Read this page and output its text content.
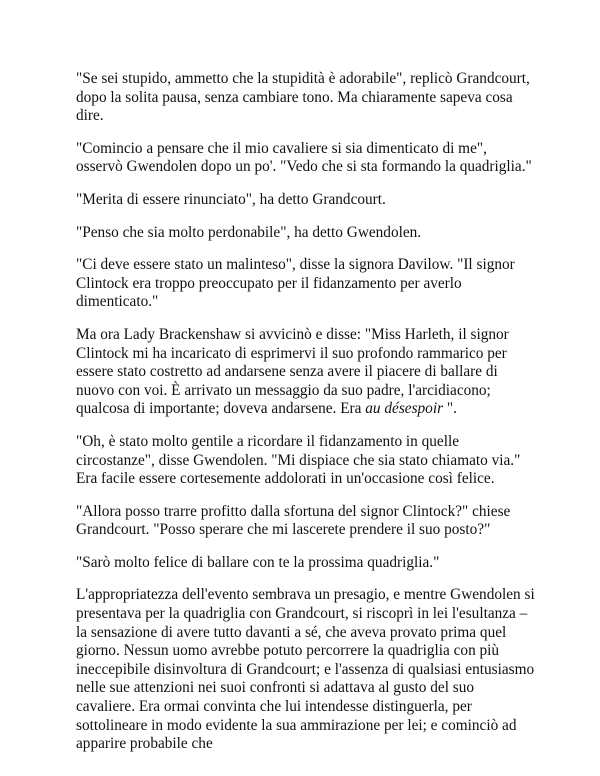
"Se sei stupido, ammetto che la stupidità è adorabile", replicò Grandcourt, dopo la solita pausa, senza cambiare tono. Ma chiaramente sapeva cosa dire.

"Comincio a pensare che il mio cavaliere si sia dimenticato di me", osservò Gwendolen dopo un po'. "Vedo che si sta formando la quadriglia."

"Merita di essere rinunciato", ha detto Grandcourt.

"Penso che sia molto perdonabile", ha detto Gwendolen.

"Ci deve essere stato un malinteso", disse la signora Davilow. "Il signor Clintock era troppo preoccupato per il fidanzamento per averlo dimenticato."

Ma ora Lady Brackenshaw si avvicinò e disse: "Miss Harleth, il signor Clintock mi ha incaricato di esprimervi il suo profondo rammarico per essere stato costretto ad andarsene senza avere il piacere di ballare di nuovo con voi. È arrivato un messaggio da suo padre, l'arcidiacono; qualcosa di importante; doveva andarsene. Era au désespoir ".

"Oh, è stato molto gentile a ricordare il fidanzamento in quelle circostanze", disse Gwendolen. "Mi dispiace che sia stato chiamato via." Era facile essere cortesemente addolorati in un'occasione così felice.

"Allora posso trarre profitto dalla sfortuna del signor Clintock?" chiese Grandcourt. "Posso sperare che mi lascerete prendere il suo posto?"

"Sarò molto felice di ballare con te la prossima quadriglia."

L'appropriatezza dell'evento sembrava un presagio, e mentre Gwendolen si presentava per la quadriglia con Grandcourt, si riscoprì in lei l'esultanza – la sensazione di avere tutto davanti a sé, che aveva provato prima quel giorno. Nessun uomo avrebbe potuto percorrere la quadriglia con più ineccepibile disinvoltura di Grandcourt; e l'assenza di qualsiasi entusiasmo nelle sue attenzioni nei suoi confronti si adattava al gusto del suo cavaliere. Era ormai convinta che lui intendesse distinguerla, per sottolineare in modo evidente la sua ammirazione per lei; e cominciò ad apparire probabile che
